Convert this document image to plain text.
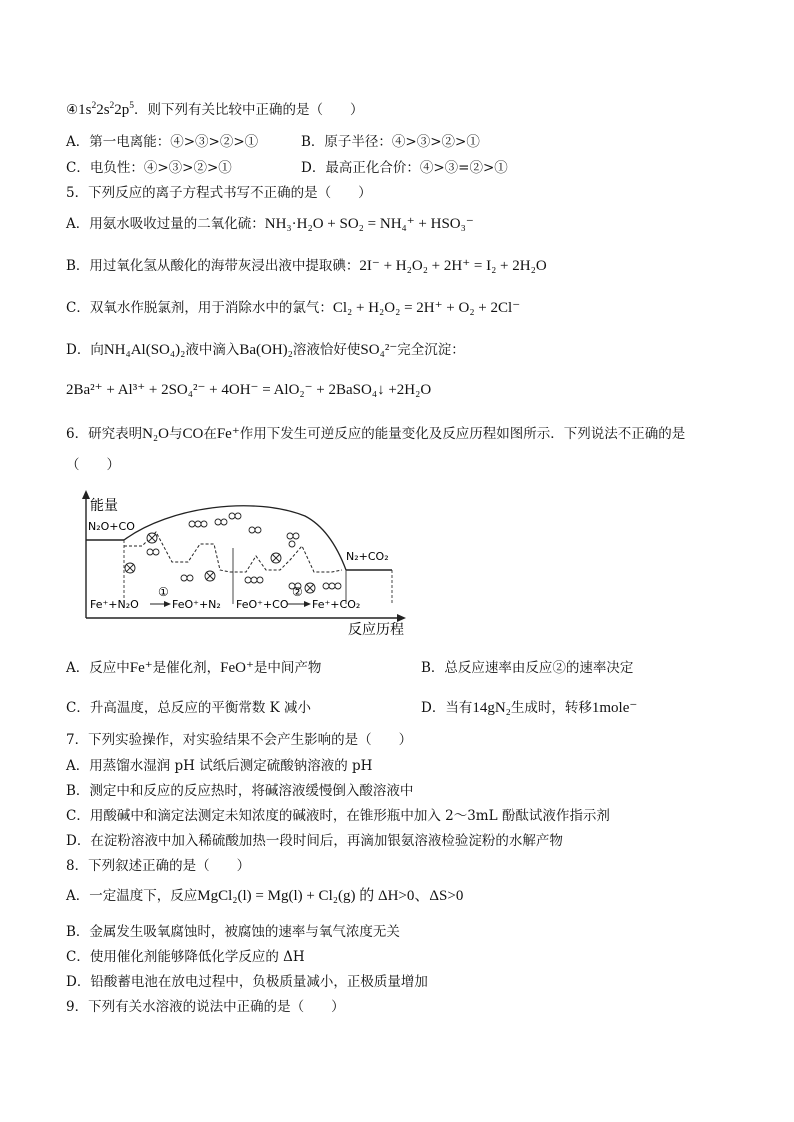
$④1s^22s^22p^5$．则下列有关比较中正确的是（　　）
A．第一电离能：④>③>②>①	B．原子半径：④>③>②>①
C．电负性：④>③>②>①	D．最高正化合价：④>③=②>①
5．下列反应的离子方程式书写不正确的是（　　）
A．用氨水吸收过量的二氧化硫：NH₃·H₂O + SO₂ = NH₄⁺ + HSO₃⁻
B．用过氧化氢从酸化的海带灰浸出液中提取碘：2I⁻ + H₂O₂ + 2H⁺ = I₂ + 2H₂O
C．双氧水作脱氯剂，用于消除水中的氯气：Cl₂ + H₂O₂ = 2H⁺ + O₂ + 2Cl⁻
D．向NH₄Al(SO₄)₂液中滴入Ba(OH)₂溶液恰好使SO₄²⁻完全沉淀：
2Ba²⁺ + Al³⁺ + 2SO₄²⁻ + 4OH⁻ = AlO₂⁻ + 2BaSO₄↓ +2H₂O
6．研究表明N₂O与CO在Fe⁺作用下发生可逆反应的能量变化及反应历程如图所示．下列说法不正确的是
（　　）
能量
反应历程
N₂O+CO
N₂+CO₂
Fe⁺+N₂O
①
FeO⁺+N₂ FeO⁺+CO
②
Fe⁺+CO₂
A．反应中Fe⁺是催化剂，FeO⁺是中间产物	B．总反应速率由反应②的速率决定
C．升高温度，总反应的平衡常数 K 减小	D．当有14gN₂生成时，转移1mole⁻
7．下列实验操作，对实验结果不会产生影响的是（　　）
A．用蒸馏水湿润 pH 试纸后测定硫酸钠溶液的 pH
B．测定中和反应的反应热时，将碱溶液缓慢倒入酸溶液中
C．用酸碱中和滴定法测定未知浓度的碱液时，在锥形瓶中加入 2～3mL 酚酞试液作指示剂
D．在淀粉溶液中加入稀硫酸加热一段时间后，再滴加银氨溶液检验淀粉的水解产物
8．下列叙述正确的是（　　）
A．一定温度下，反应MgCl₂(l) = Mg(l) + Cl₂(g) 的 ΔH>0、ΔS>0
B．金属发生吸氧腐蚀时，被腐蚀的速率与氧气浓度无关
C．使用催化剂能够降低化学反应的 ΔH
D．铅酸蓄电池在放电过程中，负极质量减小，正极质量增加
9．下列有关水溶液的说法中正确的是（　　）
